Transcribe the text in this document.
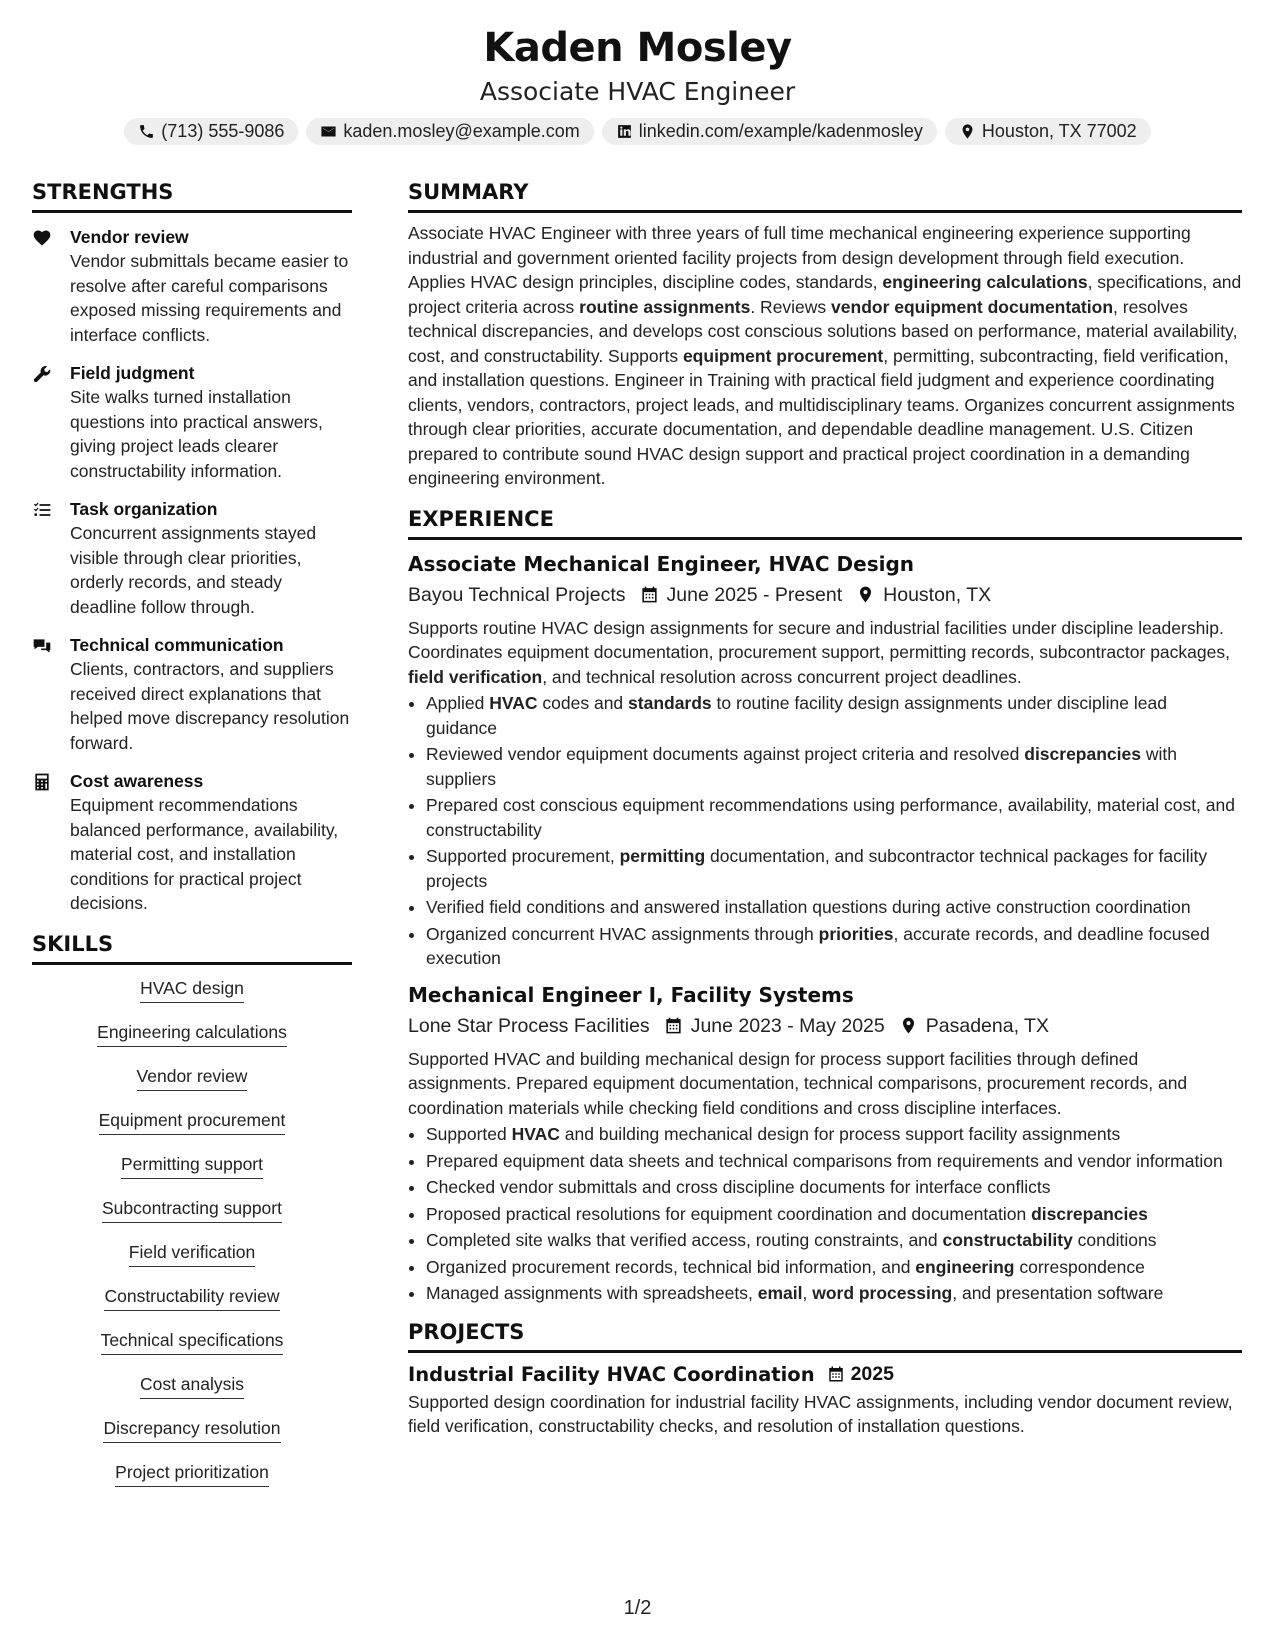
Kaden Mosley
Associate HVAC Engineer
(713) 555-9086	kaden.mosley@example.com	linkedin.com/example/kadenmosley	Houston, TX 77002
STRENGTHS
Vendor review
Vendor submittals became easier to resolve after careful comparisons exposed missing requirements and interface conflicts.
Field judgment
Site walks turned installation questions into practical answers, giving project leads clearer constructability information.
Task organization
Concurrent assignments stayed visible through clear priorities, orderly records, and steady deadline follow through.
Technical communication
Clients, contractors, and suppliers received direct explanations that helped move discrepancy resolution forward.
Cost awareness
Equipment recommendations balanced performance, availability, material cost, and installation conditions for practical project decisions.
SKILLS
HVAC design
Engineering calculations
Vendor review
Equipment procurement
Permitting support
Subcontracting support
Field verification
Constructability review
Technical specifications
Cost analysis
Discrepancy resolution
Project prioritization
SUMMARY
Associate HVAC Engineer with three years of full time mechanical engineering experience supporting industrial and government oriented facility projects from design development through field execution. Applies HVAC design principles, discipline codes, standards, engineering calculations, specifications, and project criteria across routine assignments. Reviews vendor equipment documentation, resolves technical discrepancies, and develops cost conscious solutions based on performance, material availability, cost, and constructability. Supports equipment procurement, permitting, subcontracting, field verification, and installation questions. Engineer in Training with practical field judgment and experience coordinating clients, vendors, contractors, project leads, and multidisciplinary teams. Organizes concurrent assignments through clear priorities, accurate documentation, and dependable deadline management. U.S. Citizen prepared to contribute sound HVAC design support and practical project coordination in a demanding engineering environment.
EXPERIENCE
Associate Mechanical Engineer, HVAC Design
Bayou Technical Projects June 2025 - Present Houston, TX
Supports routine HVAC design assignments for secure and industrial facilities under discipline leadership. Coordinates equipment documentation, procurement support, permitting records, subcontractor packages, field verification, and technical resolution across concurrent project deadlines.
• Applied HVAC codes and standards to routine facility design assignments under discipline lead guidance
• Reviewed vendor equipment documents against project criteria and resolved discrepancies with suppliers
• Prepared cost conscious equipment recommendations using performance, availability, material cost, and constructability
• Supported procurement, permitting documentation, and subcontractor technical packages for facility projects
• Verified field conditions and answered installation questions during active construction coordination
• Organized concurrent HVAC assignments through priorities, accurate records, and deadline focused execution
Mechanical Engineer I, Facility Systems
Lone Star Process Facilities June 2023 - May 2025 Pasadena, TX
Supported HVAC and building mechanical design for process support facilities through defined assignments. Prepared equipment documentation, technical comparisons, procurement records, and coordination materials while checking field conditions and cross discipline interfaces.
• Supported HVAC and building mechanical design for process support facility assignments
• Prepared equipment data sheets and technical comparisons from requirements and vendor information
• Checked vendor submittals and cross discipline documents for interface conflicts
• Proposed practical resolutions for equipment coordination and documentation discrepancies
• Completed site walks that verified access, routing constraints, and constructability conditions
• Organized procurement records, technical bid information, and engineering correspondence
• Managed assignments with spreadsheets, email, word processing, and presentation software
PROJECTS
Industrial Facility HVAC Coordination 2025
Supported design coordination for industrial facility HVAC assignments, including vendor document review, field verification, constructability checks, and resolution of installation questions.
1/2
